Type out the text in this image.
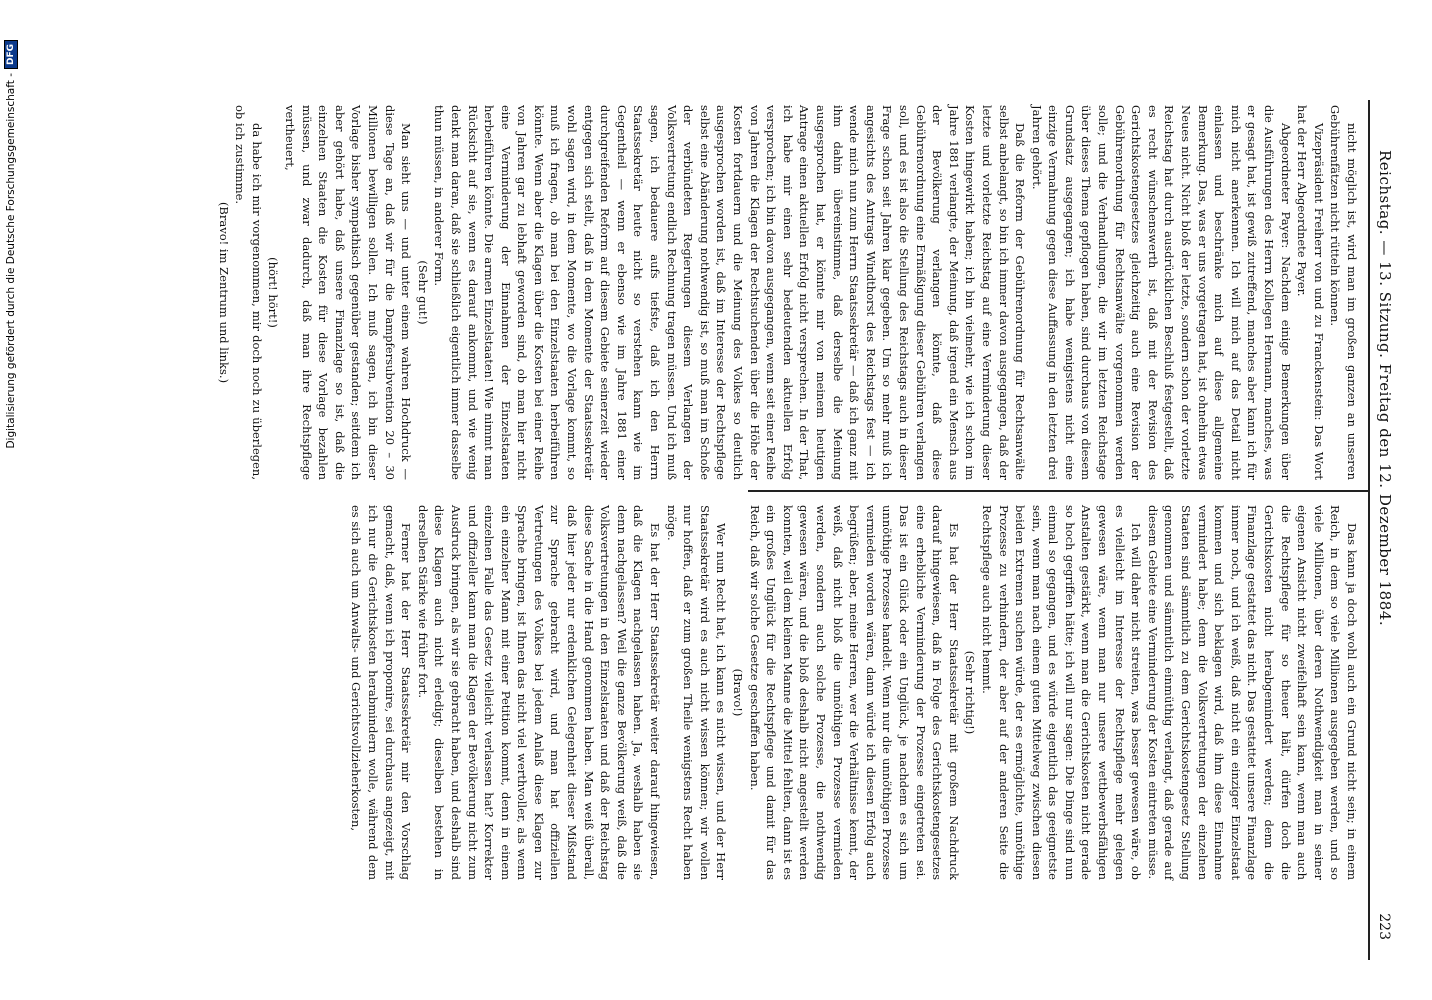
Reichstag. — 13. Sitzung. Freitag den 12. Dezember 1884.
223

Das kann ja doch wohl auch ein Grund nicht sein; in einem Reich, in dem so viele Millionen ausgegeben werden, und so viele Millionen, über deren Nothwendigkeit man in seiner eigenen Ansicht nicht zweifelhaft sein kann, wenn man auch die Rechtspflege für so theuer hält, dürfen doch die Gerichtskosten nicht herabgemindert werden; denn die Finanzlage gestattet das nicht. Das gestattet unsere Finanzlage immer noch, und ich weiß, daß nicht ein einziger Einzelstaat kommen und sich beklagen wird, daß ihm diese Einnahme vermindert habe; denn die Volksvertretungen der einzelnen Staaten sind sämmtlich zu dem Gerichtskostengesetz Stellung genommen und sämmtlich einmüthig verlangt, daß gerade auf diesem Gebiete eine Verminderung der Kosten eintreten müsse.

Ich will daher nicht streiten, was besser gewesen wäre, ob es vielleicht im Interesse der Rechtspflege mehr gelegen gewesen wäre, wenn man nur unsere wettbewerbsfähigen Anstalten gestärkt, wenn man die Gerichtskosten nicht gerade so hoch gegriffen hätte; ich will nur sagen: Die Dinge sind nun einmal so gegangen, und es würde eigentlich das geeignetste sein, wenn man nach einem guten Mittelweg zwischen diesen beiden Extremen suchen würde, der es ermöglichte, unnöthige Prozesse zu verhindern, der aber auf der anderen Seite die Rechtspflege auch nicht hemmt.

(Sehr richtig!)

Es hat der Herr Staatssekretär mit großem Nachdruck darauf hingewiesen, daß in Folge des Gerichtskostengesetzes eine erhebliche Verminderung der Prozesse eingetreten sei. Das ist ein Glück oder ein Unglück, je nachdem es sich um unnöthige Prozesse handelt. Wenn nur die unnöthigen Prozesse vermieden worden wären, dann würde ich diesen Erfolg auch begrüßen; aber, meine Herren, wer die Verhältnisse kennt, der weiß, daß nicht bloß die unnöthigen Prozesse vermieden werden, sondern auch solche Prozesse, die nothwendig gewesen wären, und die bloß deshalb nicht angestellt werden konnten, weil dem kleinen Manne die Mittel fehlten, dann ist es ein großes Unglück für die Rechtspflege und damit für das Reich, daß wir solche Gesetze geschaffen haben.

(Bravo!)

Wer nun Recht hat, ich kann es nicht wissen, und der Herr Staatssekretär wird es auch nicht wissen können; wir wollen nur hoffen, daß er zum großen Theile wenigstens Recht haben möge.

Es hat der Herr Staatssekretär weiter darauf hingewiesen, daß die Klagen nachgelassen haben. Ja, weshalb haben sie denn nachgelassen? Weil die ganze Bevölkerung weiß, daß die Volksvertretungen in den Einzelstaaten und daß der Reichstag diese Sache in die Hand genommen haben. Man weiß überall, daß hier jeder nur erdenklichen Gelegenheit dieser Mißstand zur Sprache gebracht wird, und man hat offiziellen Vertretungen des Volkes bei jedem Anlaß diese Klagen zur Sprache bringen, ist Ihnen das nicht viel werthvoller, als wenn ein einzelner Mann mit einer Petition kommt, denn in einem einzelnen Falle das Gesetz vielleicht verlassen hat? Korrekter und offizieller kann man die Klagen der Bevölkerung nicht zum Ausdruck bringen, als wir sie gebracht haben, und deshalb sind diese Klagen auch nicht erledigt; dieselben bestehen in derselben Stärke wie früher fort.

Ferner hat der Herr Staatssekretär mir den Vorschlag gemacht, daß, wenn ich proponire, sei durchaus angezeigt, mit ich nur die Gerichtskosten herabmindern wolle, während dem es sich auch um Anwalts- und Gerichtsvollzieherkosten,

nicht möglich ist, wird man im großen ganzen an unseren Gebührenfätzen nicht rütteln können.

Vizepräsident Freiherr von und zu Franckenstein: Das Wort hat der Herr Abgeordnete Payer.

Abgeordneter Payer: Nachdem einige Bemerkungen über die Ausführungen des Herrn Kollegen Hermann, manches, was er gesagt hat, ist gewiß zutreffend, manches aber kann ich für mich nicht anerkennen. Ich will mich auf das Detail nicht einlassen und beschränke mich auf diese allgemeine Bemerkung. Das, was er uns vorgetragen hat, ist ohnehin etwas Neues nicht. Nicht bloß der letzte, sondern schon der vorletzte Reichstag hat durch ausdrücklichen Beschluß festgestellt, daß es recht wünschenswerth ist, daß mit der Revision des Gerichtskostengesetzes gleichzeitig auch eine Revision der Gebührenordnung für Rechtsanwälte vorgenommen werden solle; und die Verhandlungen, die wir im letzten Reichstage über dieses Thema gepflogen haben, sind durchaus von diesem Grundsatz ausgegangen; ich habe wenigstens nicht eine einzige Vermahnung gegen diese Auffassung in den letzten drei Jahren gehört.

Daß die Reform der Gebührenordnung für Rechtsanwälte selbst anbelangt, so bin ich immer davon ausgegangen, daß der letzte und vorletzte Reichstag auf eine Verminderung dieser Kosten hingewirkt haben; ich bin vielmehr, wie ich schon im Jahre 1881 verlangte, der Meinung, daß irgend ein Mensch aus der Bevölkerung verlangen könnte, daß diese Gebührenordnung eine Ermäßigung dieser Gebühren verlangen soll, und es ist also die Stellung des Reichstags auch in dieser Frage schon seit Jahren klar gegeben. Um so mehr muß ich angesichts des Antrags Windthorst des Reichstags fest — ich wende mich nun zum Herrn Staatssekretär — daß ich ganz mit ihm dahin übereinstimme, daß derselbe die Meinung ausgesprochen hat, er könnte mir von meinem heutigen Antrage einen aktuellen Erfolg nicht versprechen. In der That, ich habe mir einen sehr bedeutenden aktuellen Erfolg versprochen; ich bin davon ausgegangen, wenn seit einer Reihe von Jahren die Klagen der Rechtsuchenden über die Höhe der Kosten fortdauern und die Meinung des Volkes so deutlich ausgesprochen worden ist, daß im Interesse der Rechtspflege selbst eine Abänderung nothwendig ist, so muß man im Schoße der verbündeten Regierungen diesem Verlangen der Volksvertretung endlich Rechnung tragen müssen. Und ich muß sagen, ich bedauere aufs tiefste, daß ich den Herrn Staatssekretär heute nicht so verstehen kann wie im Gegentheil — wenn er ebenso wie im Jahre 1881 einer durchgreifenden Reform auf diesem Gebiete seinerzeit wieder entgegen sich stellt, daß in dem Momente der Staatssekretär wohl sagen wird, in dem Momente, wo die Vorlage kommt, so muß ich fragen, ob man bei den Einzelstaaten herbeiführen könnte. Wenn aber die Klagen über die Kosten bei einer Reihe von Jahren gar zu lebhaft geworden sind, ob man hier nicht eine Verminderung der Einnahmen der Einzelstaaten herbeiführen könnte. Die armen Einzelstaaten! Wie nimmt man Rücksicht auf sie, wenn es darauf ankommt, und wie wenig denkt man daran, daß sie schließlich eigentlich immer dasselbe thun müssen, in anderer Form.

(Sehr gut!)

Man sieht uns — und unter einem wahren Hochdruck — diese Tage an, daß wir für die Dampfersubvention 20 – 30 Millionen bewilligen sollen. Ich muß sagen, ich bin dieser Vorlage bisher sympathisch gegenüber gestanden; seitdem ich aber gehört habe, daß unsere Finanzlage so ist, daß die einzelnen Staaten die Kosten für diese Vorlage bezahlen müssen, und zwar dadurch, daß man ihre Rechtspflege vertheuert,

(hört! hört!)

da habe ich mir vorgenommen, mir doch noch zu überlegen, ob ich zustimme.

(Bravo! im Zentrum und links.)

Digitalisierung gefördert durch die Deutsche Forschungsgemeinschaft -
DFG
